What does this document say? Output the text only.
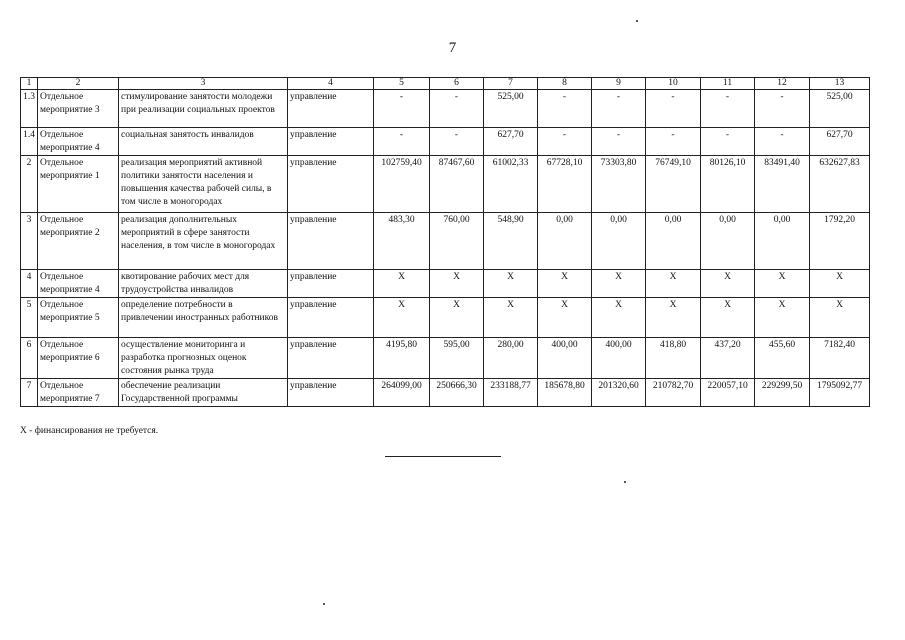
7
1	2	3	4	5	6	7	8	9	10	11	12	13
1.3	Отдельное мероприятие 3	стимулирование занятости молодежи при реализации социальных проектов	управление	-	-	525,00	-	-	-	-	-	525,00
1.4	Отдельное мероприятие 4	социальная занятость инвалидов	управление	-	-	627,70	-	-	-	-	-	627,70
2	Отдельное мероприятие 1	реализация мероприятий активной политики занятости населения и повышения качества рабочей силы, в том числе в моногородах	управление	102759,40	87467,60	61002,33	67728,10	73303,80	76749,10	80126,10	83491,40	632627,83
3	Отдельное мероприятие 2	реализация дополнительных мероприятий в сфере занятости населения, в том числе в моногородах	управление	483,30	760,00	548,90	0,00	0,00	0,00	0,00	0,00	1792,20
4	Отдельное мероприятие 4	квотирование рабочих мест для трудоустройства инвалидов	управление	X	X	X	X	X	X	X	X	X
5	Отдельное мероприятие 5	определение потребности в привлечении иностранных работников	управление	X	X	X	X	X	X	X	X	X
6	Отдельное мероприятие 6	осуществление мониторинга и разработка прогнозных оценок состояния рынка труда	управление	4195,80	595,00	280,00	400,00	400,00	418,80	437,20	455,60	7182,40
7	Отдельное мероприятие 7	обеспечение реализации Государственной программы	управление	264099,00	250666,30	233188,77	185678,80	201320,60	210782,70	220057,10	229299,50	1795092,77
Х - финансирования не требуется.
